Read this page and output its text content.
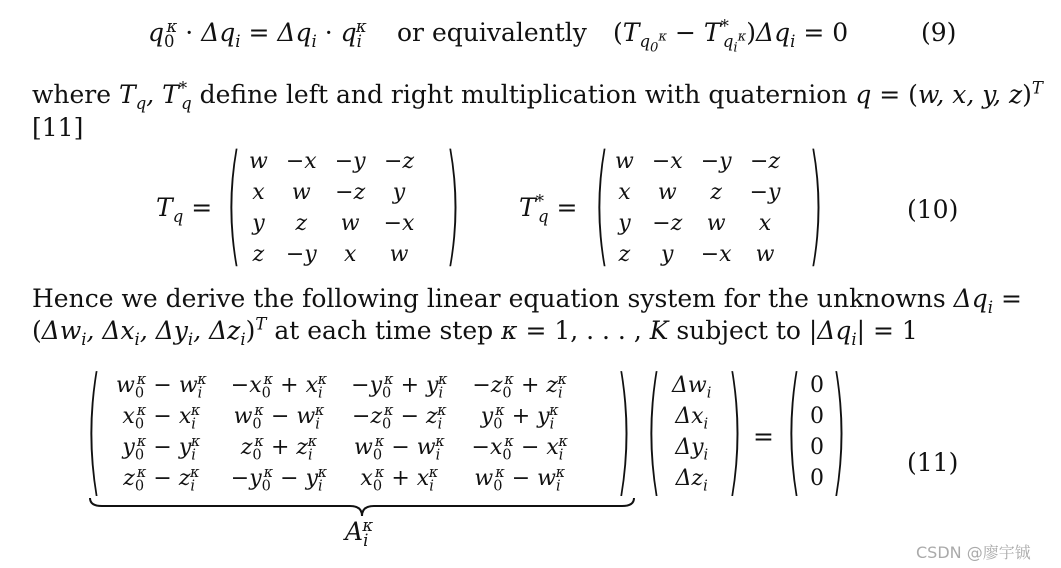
$q_0^\kappa \cdot \Delta q_i = \Delta q_i \cdot q_i^\kappa$ or equivalently $(T_{q_0^\kappa} - T^*_{q_i^\kappa})\Delta q_i = 0$	(9)
where $T_q$, $T^*_q$ define left and right multiplication with quaternion q = (w, x, y, z)$^T$
[11]
$T_q$ = ( w	−x	−y	−z
x	w	−z	y
y	z	w	−x
z	−y	x	w ) $T^*_q$ = ( w	−x	−y	−z
x	w	z	−y
y	−z	w	x
z	y	−x	w )	(10)
Hence we derive the following linear equation system for the unknowns $\Delta q_i$ =
($\Delta w_i$, $\Delta x_i$, $\Delta y_i$, $\Delta z_i)^T$ at each time step κ = 1, . . . , K subject to $|\Delta q_i| = 1$
( $w_0^\kappa - w_i^\kappa$	$-x_0^\kappa + x_i^\kappa$	$-y_0^\kappa + y_i^\kappa$	$-z_0^\kappa + z_i^\kappa$
$x_0^\kappa - x_i^\kappa$	$w_0^\kappa - w_i^\kappa$	$-z_0^\kappa - z_i^\kappa$	$y_0^\kappa + y_i^\kappa$
$y_0^\kappa - y_i^\kappa$	$z_0^\kappa + z_i^\kappa$	$w_0^\kappa - w_i^\kappa$	$-x_0^\kappa - x_i^\kappa$
$z_0^\kappa - z_i^\kappa$	$-y_0^\kappa - y_i^\kappa$	$x_0^\kappa + x_i^\kappa$	$w_0^\kappa - w_i^\kappa$ ) ( $\Delta w_i$
$\Delta x_i$
$\Delta y_i$
$\Delta z_i$ ) = ( 0
0
0
0 ) (11)
$A_i^\kappa$
CSDN @廖宇铖
